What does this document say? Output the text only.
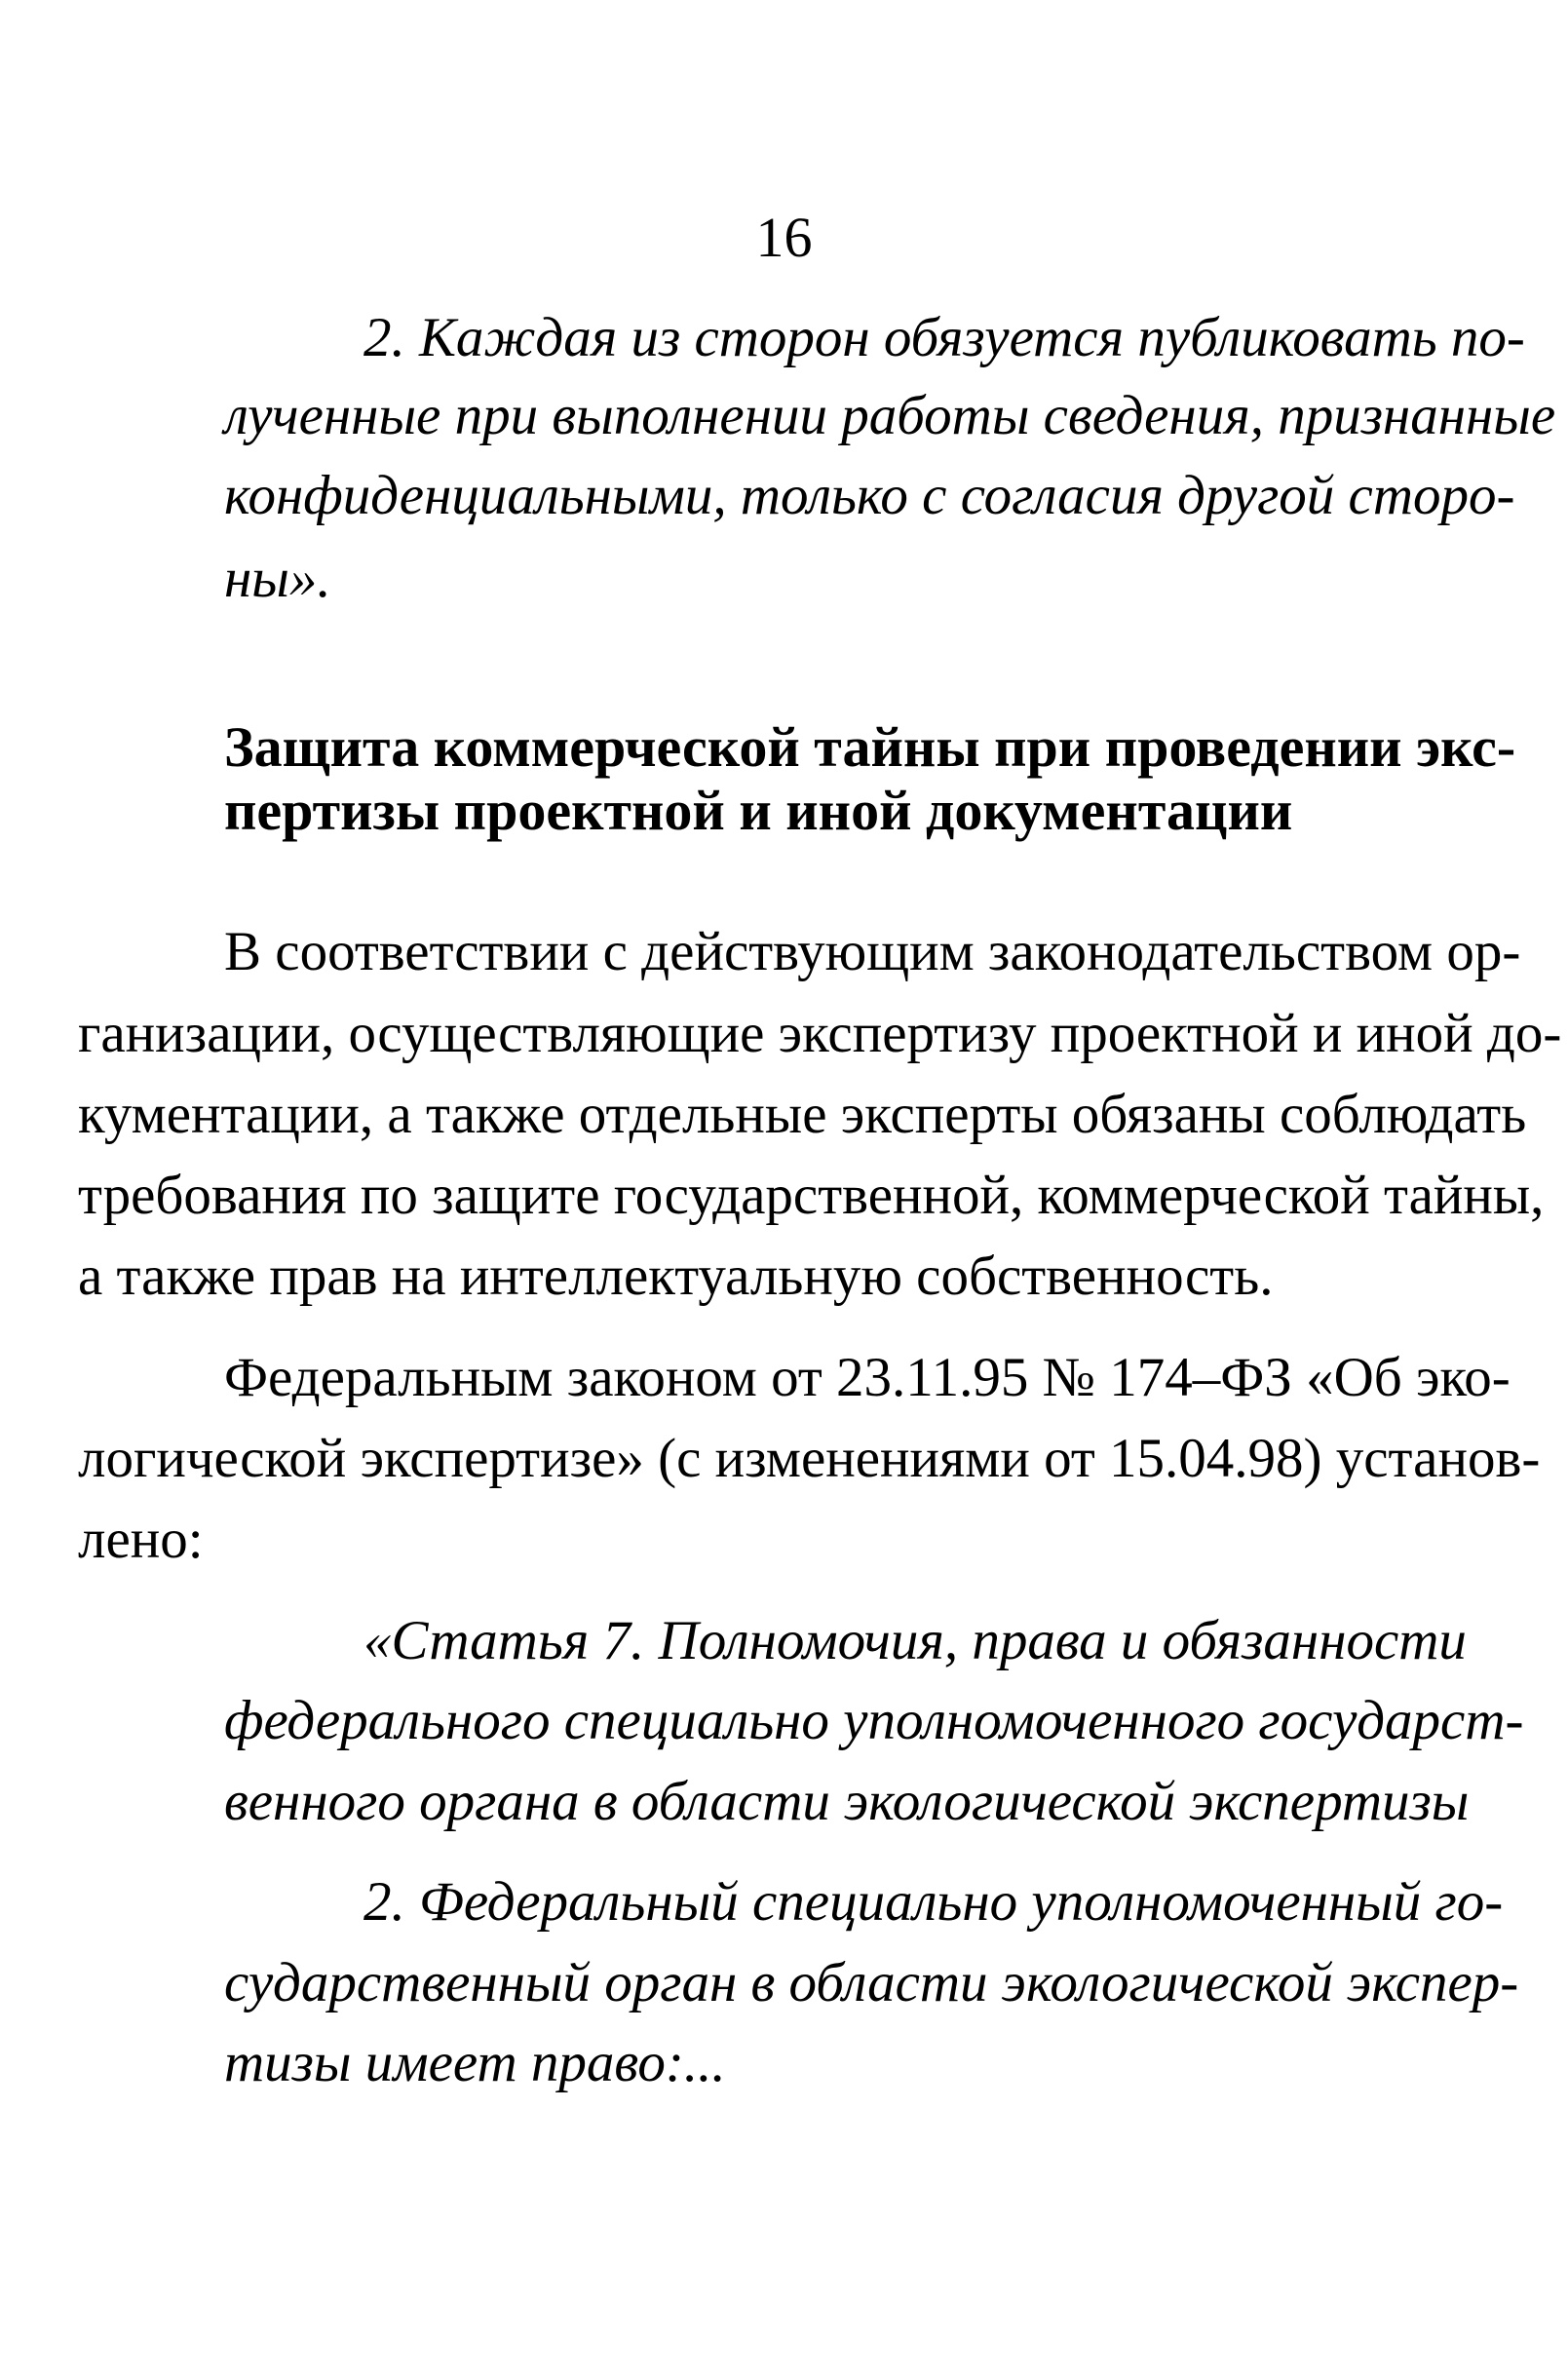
16
2. Каждая из сторон обязуется публиковать по-
лученные при выполнении работы сведения, признанные
конфиденциальными, только с согласия другой сторо-
ны».
Защита коммерческой тайны при проведении экс-
пертизы проектной и иной документации
В соответствии с действующим законодательством ор-
ганизации, осуществляющие экспертизу проектной и иной до-
кументации, а также отдельные эксперты обязаны соблюдать
требования по защите государственной, коммерческой тайны,
а также прав на интеллектуальную собственность.
Федеральным законом от 23.11.95 № 174–ФЗ «Об эко-
логической экспертизе» (с изменениями от 15.04.98) установ-
лено:
«Статья 7. Полномочия, права и обязанности
федерального специально уполномоченного государст-
венного органа в области экологической экспертизы
2. Федеральный специально уполномоченный го-
сударственный орган в области экологической экспер-
тизы имеет право:...
